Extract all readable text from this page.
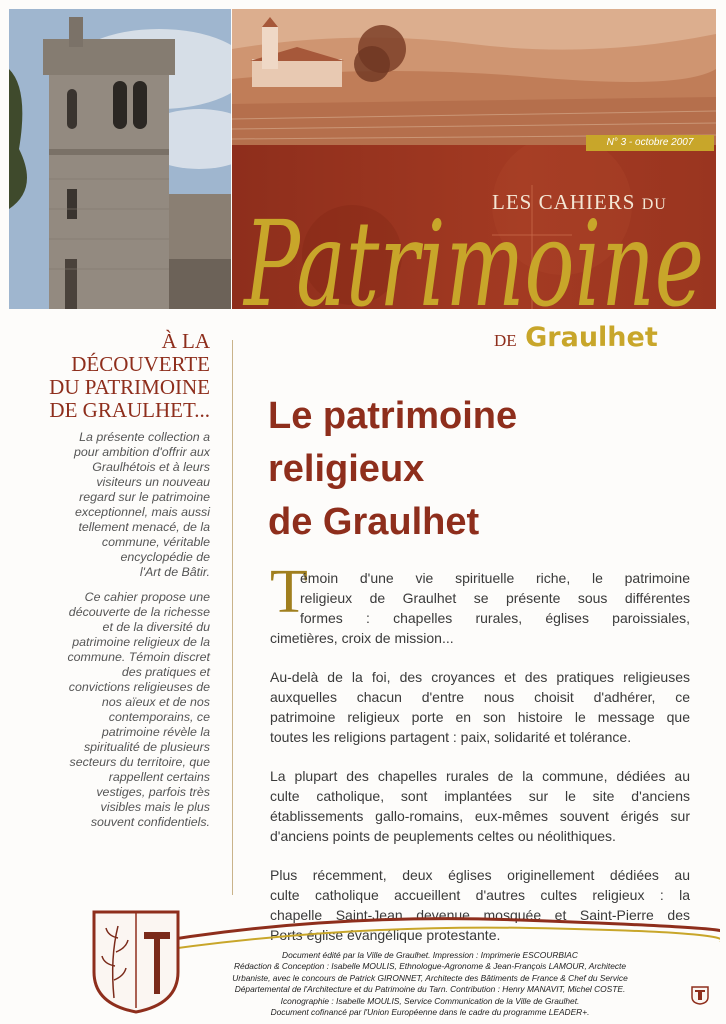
N° 3 - octobre 2007
LES CAHIERS DU
Patrimoine
DE Graulhet
À LA
DÉCOUVERTE
DU PATRIMOINE
DE GRAULHET...

La présente collection a
pour ambition d'offrir aux
Graulhétois et à leurs
visiteurs un nouveau
regard sur le patrimoine
exceptionnel, mais aussi
tellement menacé, de la
commune, véritable
encyclopédie de
l'Art de Bâtir.

Ce cahier propose une
découverte de la richesse
et de la diversité du
patrimoine religieux de la
commune. Témoin discret
des pratiques et
convictions religieuses de
nos aïeux et de nos
contemporains, ce
patrimoine révèle la
spiritualité de plusieurs
secteurs du territoire, que
rappellent certains
vestiges, parfois très
visibles mais le plus
souvent confidentiels.

Le patrimoine
religieux
de Graulhet
T

émoin d'une vie spirituelle riche, le patrimoine
religieux de Graulhet se présente sous différentes
formes : chapelles rurales, églises paroissiales,
cimetières, croix de mission...

Au-delà de la foi, des croyances et des pratiques religieuses
auxquelles chacun d'entre nous choisit d'adhérer, ce
patrimoine religieux porte en son histoire le message que
toutes les religions partagent : paix, solidarité et tolérance.

La plupart des chapelles rurales de la commune, dédiées au
culte catholique, sont implantées sur le site d'anciens
établissements gallo-romains, eux-mêmes souvent érigés sur
d'anciens points de peuplements celtes ou néolithiques.

Plus récemment, deux églises originellement dédiées au
culte catholique accueillent d'autres cultes religieux : la
chapelle Saint-Jean devenue mosquée et Saint-Pierre des
Ports église évangélique protestante.

Document édité par la Ville de Graulhet. Impression : Imprimerie ESCOURBIAC
Rédaction & Conception : Isabelle MOULIS, Ethnologue-Agronome & Jean-François LAMOUR, Architecte
Urbaniste, avec le concours de Patrick GIRONNET, Architecte des Bâtiments de France & Chef du Service
Départemental de l'Architecture et du Patrimoine du Tarn. Contribution : Henry MANAVIT, Michel COSTE.
Iconographie : Isabelle MOULIS, Service Communication de la Ville de Graulhet.
Document cofinancé par l'Union Européenne dans le cadre du programme LEADER+.
